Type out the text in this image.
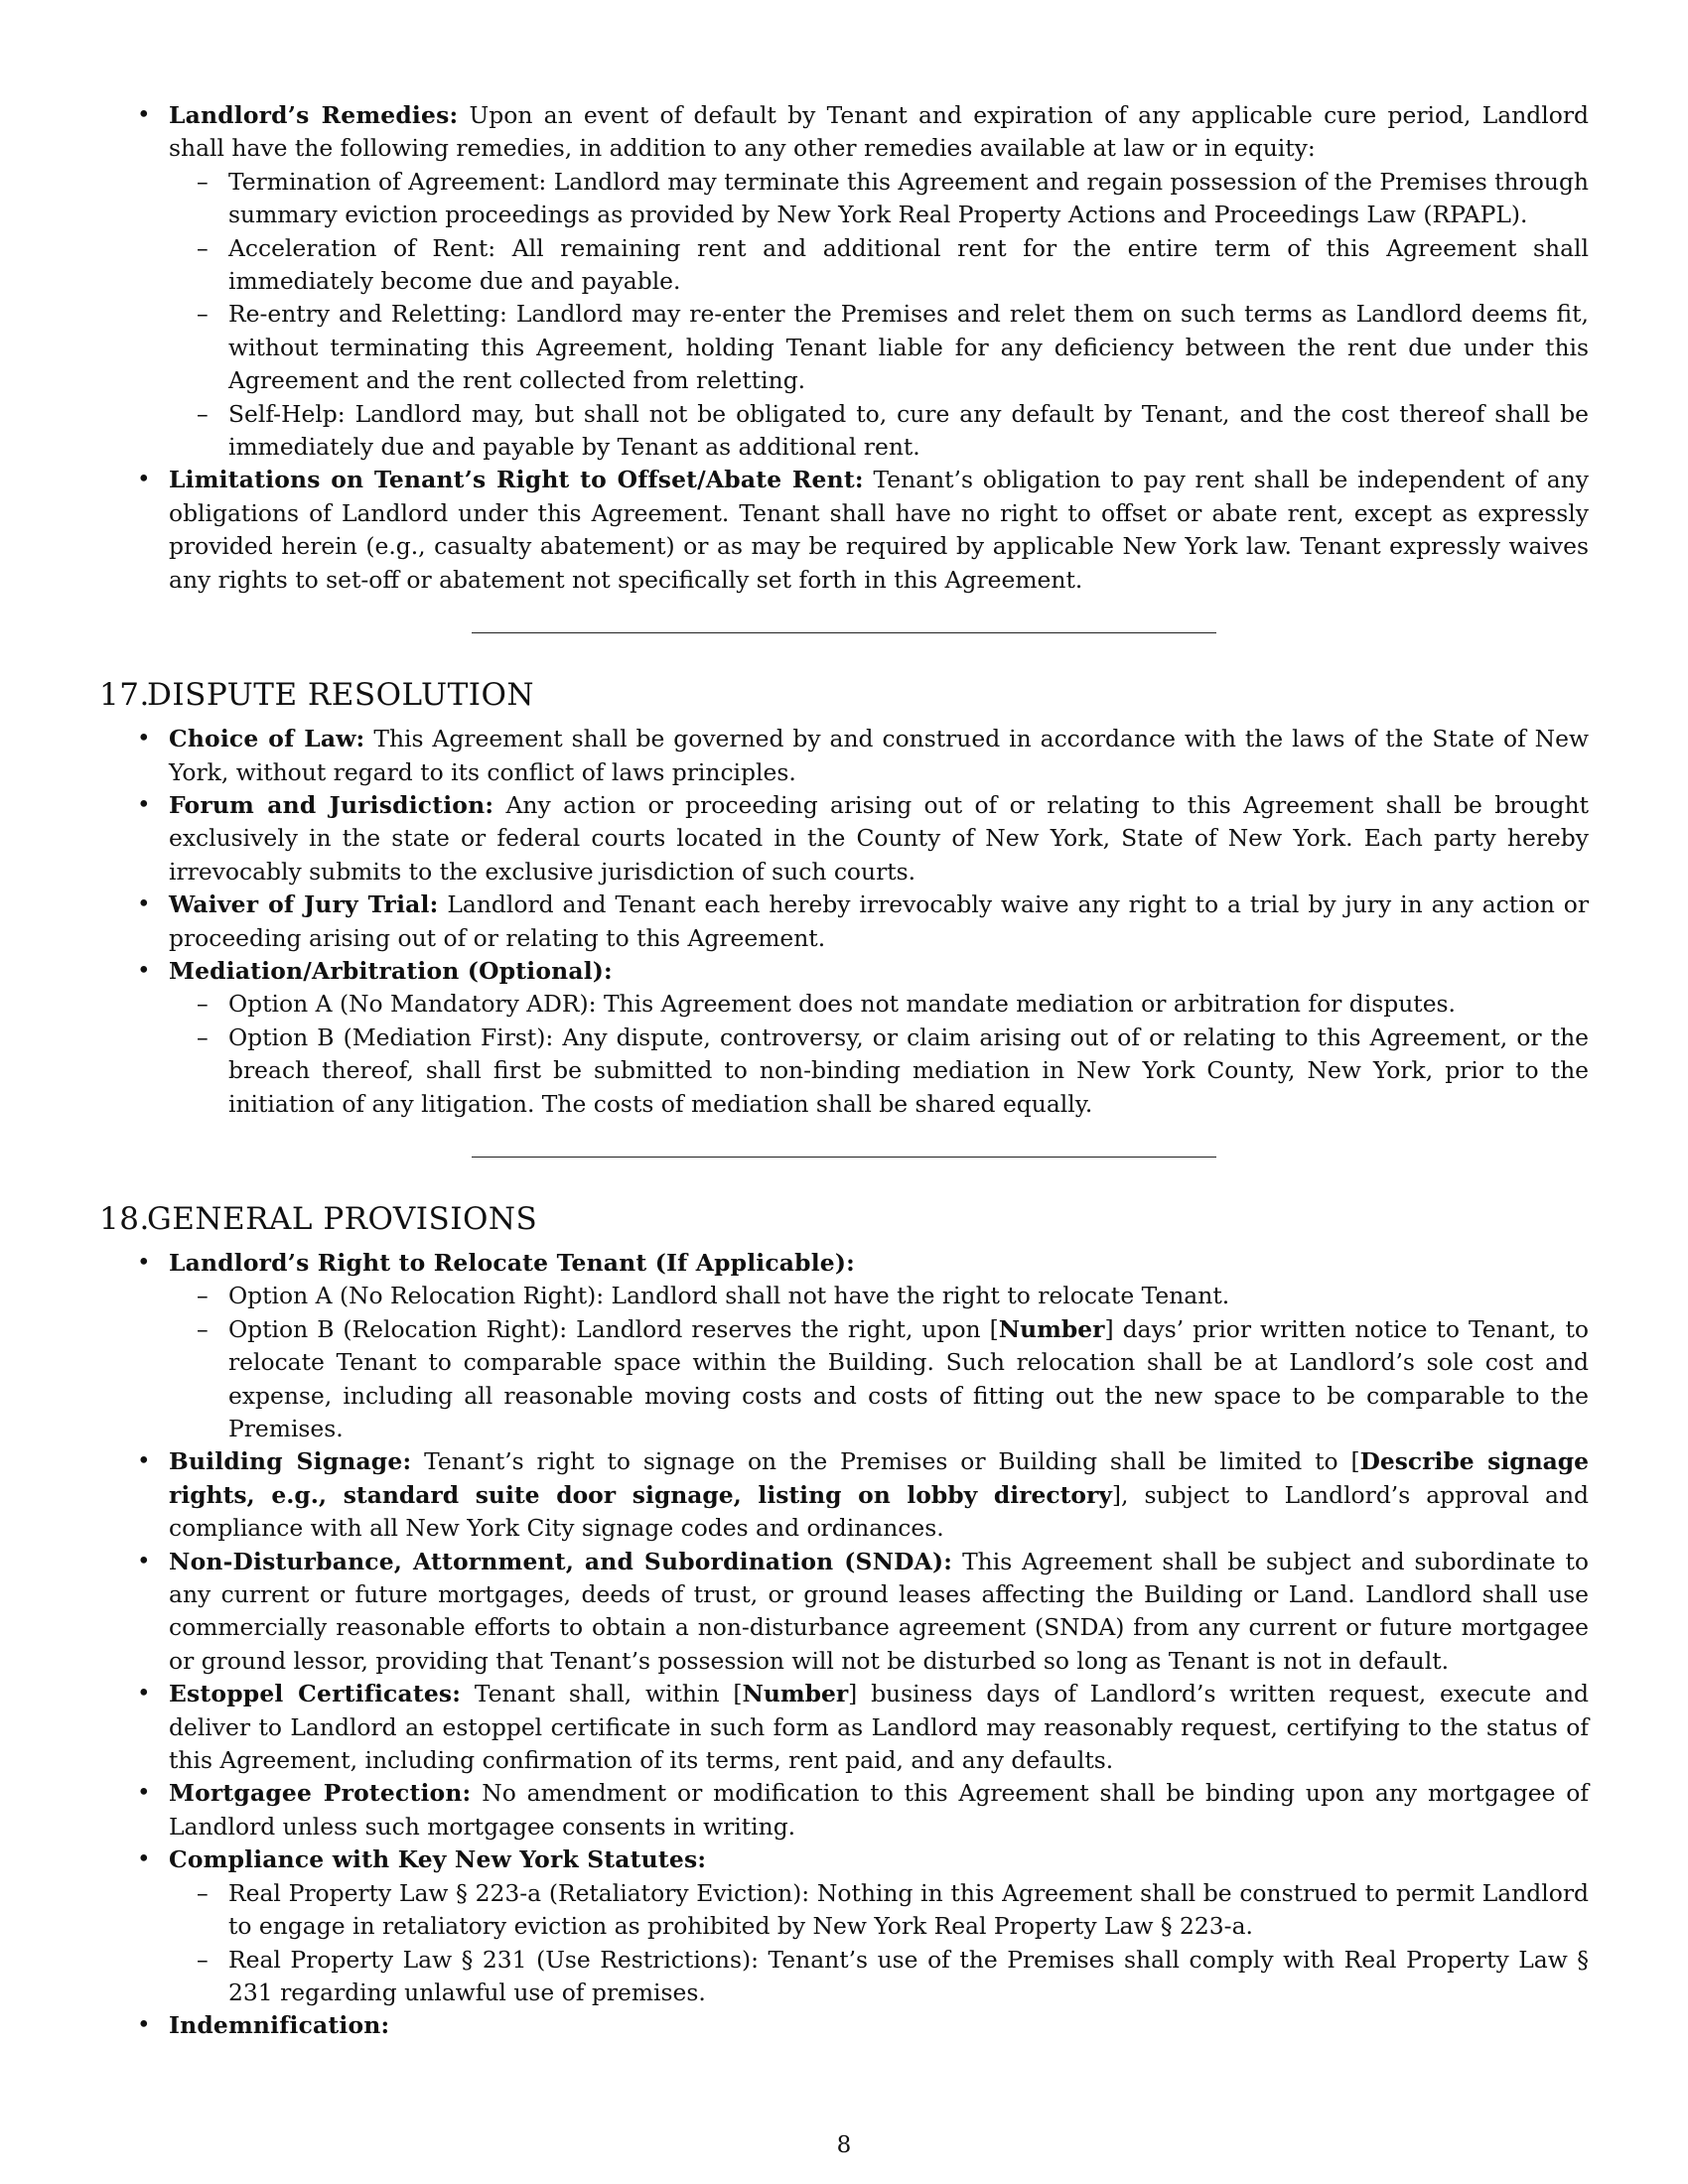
• Landlord’s Remedies: Upon an event of default by Tenant and expiration of any applicable cure period, Landlord shall have the following remedies, in addition to any other remedies available at law or in equity:
– Termination of Agreement: Landlord may terminate this Agreement and regain possession of the Premises through summary eviction proceedings as provided by New York Real Property Actions and Proceedings Law (RPAPL).
– Acceleration of Rent: All remaining rent and additional rent for the entire term of this Agreement shall immediately become due and payable.
– Re-entry and Reletting: Landlord may re-enter the Premises and relet them on such terms as Landlord deems fit, without terminating this Agreement, holding Tenant liable for any deficiency between the rent due under this Agreement and the rent collected from reletting.
– Self-Help: Landlord may, but shall not be obligated to, cure any default by Tenant, and the cost thereof shall be immediately due and payable by Tenant as additional rent.
• Limitations on Tenant’s Right to Offset/Abate Rent: Tenant’s obligation to pay rent shall be independent of any obligations of Landlord under this Agreement. Tenant shall have no right to offset or abate rent, except as expressly provided herein (e.g., casualty abatement) or as may be required by applicable New York law. Tenant expressly waives any rights to set-off or abatement not specifically set forth in this Agreement.
17.DISPUTE RESOLUTION
• Choice of Law: This Agreement shall be governed by and construed in accordance with the laws of the State of New York, without regard to its conflict of laws principles.
• Forum and Jurisdiction: Any action or proceeding arising out of or relating to this Agreement shall be brought exclusively in the state or federal courts located in the County of New York, State of New York. Each party hereby irrevocably submits to the exclusive jurisdiction of such courts.
• Waiver of Jury Trial: Landlord and Tenant each hereby irrevocably waive any right to a trial by jury in any action or proceeding arising out of or relating to this Agreement.
• Mediation/Arbitration (Optional):
– Option A (No Mandatory ADR): This Agreement does not mandate mediation or arbitration for disputes.
– Option B (Mediation First): Any dispute, controversy, or claim arising out of or relating to this Agreement, or the breach thereof, shall first be submitted to non-binding mediation in New York County, New York, prior to the initiation of any litigation. The costs of mediation shall be shared equally.
18.GENERAL PROVISIONS
• Landlord’s Right to Relocate Tenant (If Applicable):
– Option A (No Relocation Right): Landlord shall not have the right to relocate Tenant.
– Option B (Relocation Right): Landlord reserves the right, upon [Number] days’ prior written notice to Tenant, to relocate Tenant to comparable space within the Building. Such relocation shall be at Landlord’s sole cost and expense, including all reasonable moving costs and costs of fitting out the new space to be comparable to the Premises.
• Building Signage: Tenant’s right to signage on the Premises or Building shall be limited to [Describe signage rights, e.g., standard suite door signage, listing on lobby directory], subject to Landlord’s approval and compliance with all New York City signage codes and ordinances.
• Non-Disturbance, Attornment, and Subordination (SNDA): This Agreement shall be subject and subordinate to any current or future mortgages, deeds of trust, or ground leases affecting the Building or Land. Landlord shall use commercially reasonable efforts to obtain a non-disturbance agreement (SNDA) from any current or future mortgagee or ground lessor, providing that Tenant’s possession will not be disturbed so long as Tenant is not in default.
• Estoppel Certificates: Tenant shall, within [Number] business days of Landlord’s written request, execute and deliver to Landlord an estoppel certificate in such form as Landlord may reasonably request, certifying to the status of this Agreement, including confirmation of its terms, rent paid, and any defaults.
• Mortgagee Protection: No amendment or modification to this Agreement shall be binding upon any mortgagee of Landlord unless such mortgagee consents in writing.
• Compliance with Key New York Statutes:
– Real Property Law § 223-a (Retaliatory Eviction): Nothing in this Agreement shall be construed to permit Landlord to engage in retaliatory eviction as prohibited by New York Real Property Law § 223-a.
– Real Property Law § 231 (Use Restrictions): Tenant’s use of the Premises shall comply with Real Property Law § 231 regarding unlawful use of premises.
• Indemnification:
8
